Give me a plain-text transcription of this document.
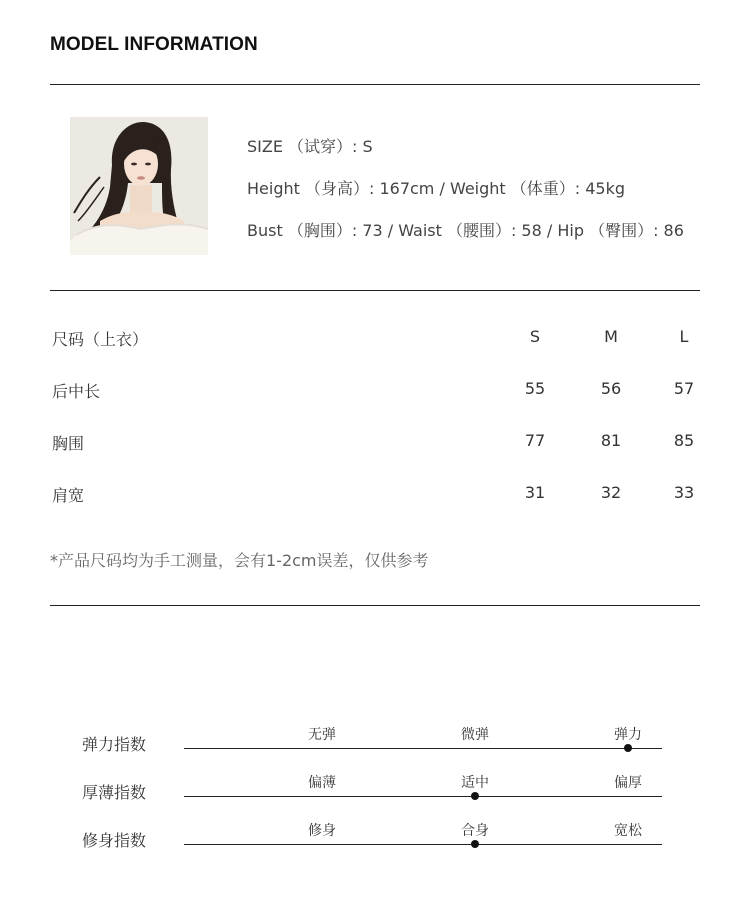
MODEL INFORMATION
SIZE （试穿）: S
Height （身高）: 167cm / Weight （体重）: 45kg
Bust （胸围）: 73 / Waist （腰围）: 58 / Hip （臀围）: 86
尺码（上衣）	S	M	L
后中长	55	56	57
胸围	77	81	85
肩宽	31	32	33
*产品尺码均为手工测量，会有1-2cm误差，仅供参考
弹力指数	无弹	微弹	弹力
厚薄指数	偏薄	适中	偏厚
修身指数	修身	合身	宽松
